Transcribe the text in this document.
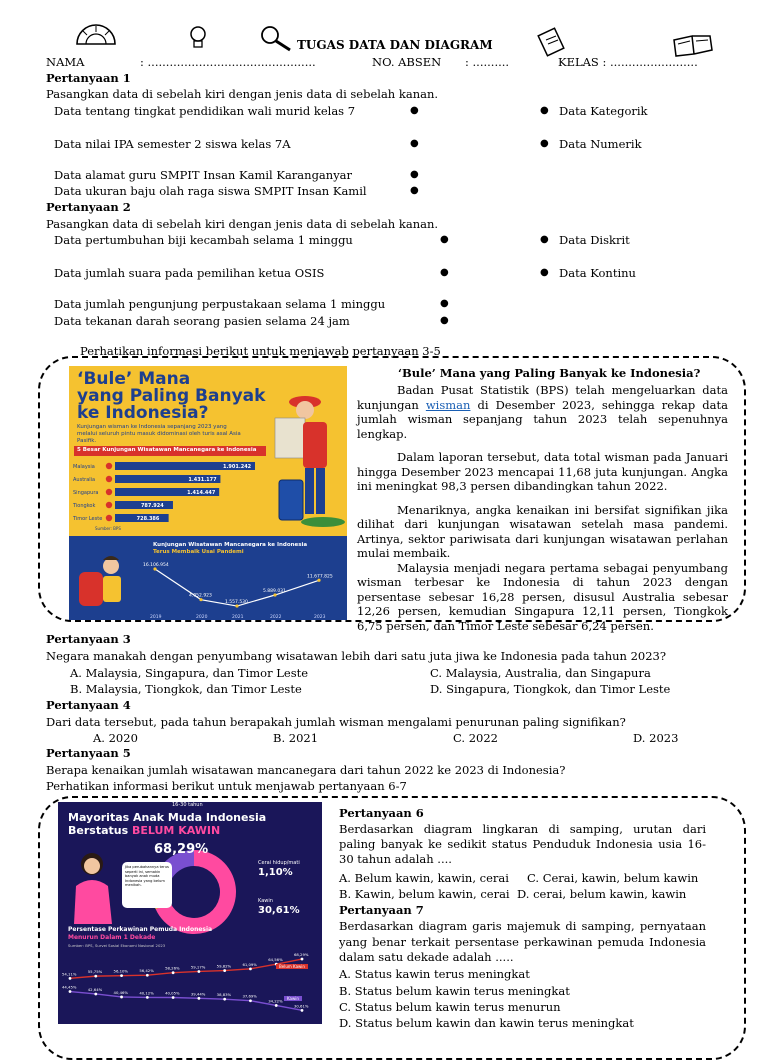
TUGAS DATA DAN DIAGRAM
NAMA	: ..............................................	NO. ABSEN : ..........	KELAS : ........................
Pertanyaan 1
Pasangkan data di sebelah kiri dengan jenis data di sebelah kanan.
Data tentang tingkat pendidikan wali murid kelas 7
Data nilai IPA semester 2 siswa kelas 7A
Data alamat guru SMPIT Insan Kamil Karanganyar
Data ukuran baju olah raga siswa SMPIT Insan Kamil
●
●
●
●
●
●
Data Kategorik
Data Numerik
Pertanyaan 2
Pasangkan data di sebelah kiri dengan jenis data di sebelah kanan.
Data pertumbuhan biji kecambah selama 1 minggu
Data jumlah suara pada pemilihan ketua OSIS
Data jumlah pengunjung perpustakaan selama 1 minggu
Data tekanan darah seorang pasien selama 24 jam
●
●
●
●
●
●
Data Diskrit
Data Kontinu
Perhatikan informasi berikut untuk menjawab pertanyaan 3-5
‘Bule’ Mana
yang Paling Banyak
ke Indonesia?
Kunjungan wisman ke Indonesia sepanjang 2023 yang melalui seluruh pintu masuk didominasi oleh turis asal Asia Pasifik.
5 Besar Kunjungan Wisatawan Mancanegara ke Indonesia
Malaysia	1.901.242
Australia	1.431.177
Singapura	1.414.447
Tiongkok	787.924
Timor Leste	728.386
Sumber: BPS
Kunjungan Wisatawan Mancanegara ke Indonesia
Terus Membaik Usai Pandemi
16.106.954
2019
4.052.923
2020
1.557.530
2021
5.889.031
2022
11.677.825
2023
‘Bule’ Mana yang Paling Banyak ke Indonesia?

Badan Pusat Statistik (BPS) telah mengeluarkan data kunjungan wisman di Desember 2023, sehingga rekap data jumlah wisman sepanjang tahun 2023 telah sepenuhnya lengkap.

Dalam laporan tersebut, data total wisman pada Januari hingga Desember 2023 mencapai 11,68 juta kunjungan. Angka ini meningkat 98,3 persen dibandingkan tahun 2022.

Menariknya, angka kenaikan ini bersifat signifikan jika dilihat dari kunjungan wisatawan setelah masa pandemi. Artinya, sektor pariwisata dari kunjungan wisatawan perlahan mulai membaik.

Malaysia menjadi negara pertama sebagai penyumbang wisman terbesar ke Indonesia di tahun 2023 dengan persentase sebesar 16,28 persen, disusul Australia sebesar 12,26 persen, kemudian Singapura 12,11 persen, Tiongkok 6,75 persen, dan Timor Leste sebesar 6,24 persen.

Pertanyaan 3
Negara manakah dengan penyumbang wisatawan lebih dari satu juta jiwa ke Indonesia pada tahun 2023?
A. Malaysia, Singapura, dan Timor Leste
B. Malaysia, Tiongkok, dan Timor Leste
C. Malaysia, Australia, dan Singapura
D. Singapura, Tiongkok, dan Timor Leste
Pertanyaan 4
Dari data tersebut, pada tahun berapakah jumlah wisman mengalami penurunan paling signifikan?
A. 2020	B. 2021	C. 2022	D. 2023
Pertanyaan 5
Berapa kenaikan jumlah wisatawan mancanegara dari tahun 2022 ke 2023 di Indonesia?
Perhatikan informasi berikut untuk menjawab pertanyaan 6-7
16-30 tahun
Mayoritas Anak Muda Indonesia
Berstatus BELUM KAWIN
68,29%
Cerai hidup/mati
1,10%
Kawin
30,61%
Jika perubahannya terus seperti ini, semakin banyak anak muda Indonesia yang belum menikah.
Persentase Perkawinan Pemuda Indonesia
Menurun Dalam 1 Dekade
Sumber: BPS, Survei Sosial Ekonomi Nasional 2023
54,11%	55,75%	56,10%	56,42%
58,26%	59,17%	59,82%	61,09%
64,56%
68,29%
44,45%	42,64%
40,46%	40,12%	40,05%	39,44%	38,83%	37,69%
34,22%
30,61%
Belum Kawin
Kawin
Pertanyaan 6
Berdasarkan diagram lingkaran di samping, urutan dari paling banyak ke sedikit status Penduduk Indonesia usia 16-30 tahun adalah ....
A. Belum kawin, kawin, cerai
B. Kawin, belum kawin, cerai
C. Cerai, kawin, belum kawin
D. cerai, belum kawin, kawin
Pertanyaan 7
Berdasarkan diagram garis majemuk di samping, pernyataan yang benar terkait persentase perkawinan pemuda Indonesia dalam satu dekade adalah .....
A. Status kawin terus meningkat
B. Status belum kawin terus meningkat
C. Status belum kawin terus menurun
D. Status belum kawin dan kawin terus meningkat
